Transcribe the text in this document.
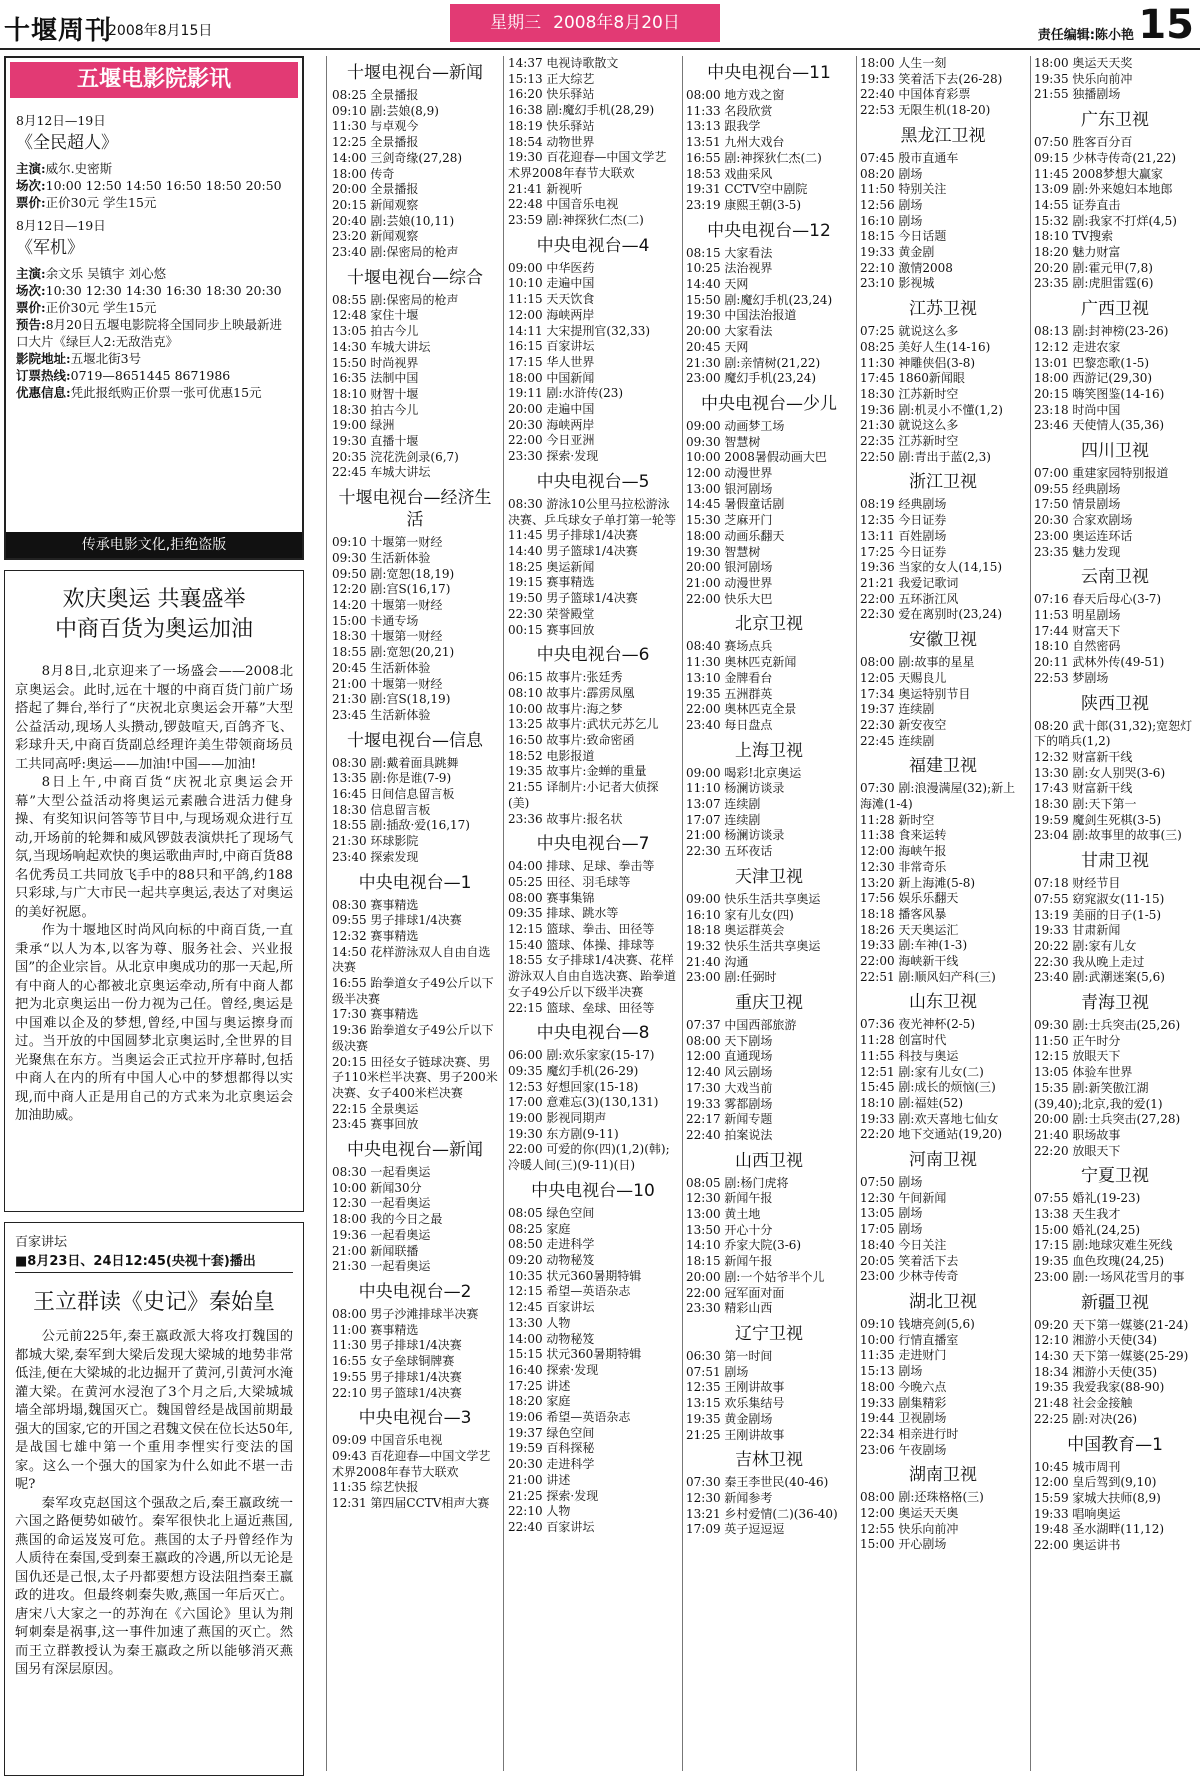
十堰周刊
2008年8月15日	星期三 2008年8月20日
责任编辑:陈小艳 15
五堰电影院影讯
8月12日—19日
《全民超人》
主演:威尔.史密斯
场次:10:00 12:50 14:50 16:50 18:50 20:50
票价:正价30元 学生15元
8月12日—19日
《军机》
主演:余文乐 吴镇宇 刘心悠
场次:10:30 12:30 14:30 16:30 18:30 20:30
票价:正价30元 学生15元
预告:8月20日五堰电影院将全国同步上映最新进口大片《绿巨人2:无敌浩克》
影院地址:五堰北街3号
订票热线:0719—8651445 8671986
优惠信息:凭此报纸购正价票一张可优惠15元
传承电影文化,拒绝盗版
欢庆奥运 共襄盛举
中商百货为奥运加油

8月8日,北京迎来了一场盛会——2008北京奥运会。此时,远在十堰的中商百货门前广场搭起了舞台,举行了“庆祝北京奥运会开幕”大型公益活动,现场人头攒动,锣鼓喧天,百鸽齐飞、彩球升天,中商百货副总经理许美生带领商场员工共同高呼:奥运——加油!中国——加油!

8日上午,中商百货“庆祝北京奥运会开幕”大型公益活动将奥运元素融合进活力健身操、有奖知识问答等节目中,与现场观众进行互动,开场前的轮舞和威风锣鼓表演烘托了现场气氛,当现场响起欢快的奥运歌曲声时,中商百货88名优秀员工共同放飞手中的88只和平鸽,约188只彩球,与广大市民一起共享奥运,表达了对奥运的美好祝愿。

作为十堰地区时尚风向标的中商百货,一直秉承“以人为本,以客为尊、服务社会、兴业报国”的企业宗旨。从北京申奥成功的那一天起,所有中商人的心都被北京奥运牵动,所有中商人都把为北京奥运出一份力视为己任。曾经,奥运是中国难以企及的梦想,曾经,中国与奥运擦身而过。当开放的中国圆梦北京奥运时,全世界的目光聚焦在东方。当奥运会正式拉开序幕时,包括中商人在内的所有中国人心中的梦想都得以实现,而中商人正是用自己的方式来为北京奥运会加油助威。

百家讲坛
■8月23日、24日12:45(央视十套)播出
王立群读《史记》秦始皇

公元前225年,秦王嬴政派大将攻打魏国的都城大梁,秦军到大梁后发现大梁城的地势非常低洼,便在大梁城的北边掘开了黄河,引黄河水淹灌大梁。在黄河水浸泡了3个月之后,大梁城城墙全部坍塌,魏国灭亡。魏国曾经是战国前期最强大的国家,它的开国之君魏文侯在位长达50年,是战国七雄中第一个重用李悝实行变法的国家。这么一个强大的国家为什么如此不堪一击呢?

秦军攻克赵国这个强敌之后,秦王嬴政统一六国之路便势如破竹。秦军很快北上逼近燕国,燕国的命运岌岌可危。燕国的太子丹曾经作为人质待在秦国,受到秦王嬴政的冷遇,所以无论是国仇还是己恨,太子丹都要想方设法阻挡秦王嬴政的进攻。但最终刺秦失败,燕国一年后灭亡。唐宋八大家之一的苏洵在《六国论》里认为荆轲刺秦是祸事,这一事件加速了燕国的灭亡。然而王立群教授认为秦王嬴政之所以能够消灭燕国另有深层原因。

十堰电视台—新闻
08:25 全景播报
09:10 剧:芸娘(8,9)
11:30 与卓观今
12:25 全景播报
14:00 三剑奇缘(27,28)
18:00 传奇
20:00 全景播报
20:15 新闻观察
20:40 剧:芸娘(10,11)
23:20 新闻观察
23:40 剧:保密局的枪声
十堰电视台—综合
08:55 剧:保密局的枪声
12:48 家住十堰
13:05 拍古今儿
14:30 车城大讲坛
15:50 时尚视界
16:35 法制中国
18:10 财智十堰
18:30 拍古今儿
19:00 绿洲
19:30 直播十堰
20:35 浣花洗剑录(6,7)
22:45 车城大讲坛
十堰电视台—经济生活
09:10 十堰第一财经
09:30 生活新体验
09:50 剧:宽恕(18,19)
12:20 剧:宫S(16,17)
14:20 十堰第一财经
15:00 卡通专场
18:30 十堰第一财经
18:55 剧:宽恕(20,21)
20:45 生活新体验
21:00 十堰第一财经
21:30 剧:宫S(18,19)
23:45 生活新体验
十堰电视台—信息
08:30 剧:戴着面具跳舞
13:35 剧:你是谁(7-9)
16:45 日间信息留言板
18:30 信息留言板
18:55 剧:插敌·爱(16,17)
21:30 环球影院
23:40 探索发现
中央电视台—1
08:30 赛事精选
09:55 男子排球1/4决赛
12:32 赛事精选
14:50 花样游泳双人自由自选决赛
16:55 跆拳道女子49公斤以下级半决赛
17:30 赛事精选
19:36 跆拳道女子49公斤以下级决赛
20:15 田径女子链球决赛、男子110米栏半决赛、男子200米决赛、女子400米栏决赛
22:15 全景奥运
23:45 赛事回放
中央电视台—新闻
08:30 一起看奥运
10:00 新闻30分
12:30 一起看奥运
18:00 我的今日之最
19:36 一起看奥运
21:00 新闻联播
21:30 一起看奥运
中央电视台—2
08:00 男子沙滩排球半决赛
11:00 赛事精选
11:30 男子排球1/4决赛
16:55 女子垒球铜牌赛
19:55 男子排球1/4决赛
22:10 男子篮球1/4决赛
中央电视台—3
09:09 中国音乐电视
09:43 百花迎春—中国文学艺术界2008年春节大联欢
11:35 综艺快报
12:31 第四届CCTV相声大赛
14:37 电视诗歌散文
15:13 正大综艺
16:20 快乐驿站
16:38 剧:魔幻手机(28,29)
18:19 快乐驿站
18:54 动物世界
19:30 百花迎春—中国文学艺术界2008年春节大联欢
21:41 新视听
22:48 中国音乐电视
23:59 剧:神探狄仁杰(二)
中央电视台—4
09:00 中华医药
10:10 走遍中国
11:15 天天饮食
12:00 海峡两岸
14:11 大宋提刑官(32,33)
16:15 百家讲坛
17:15 华人世界
18:00 中国新闻
19:11 剧:水浒传(23)
20:00 走遍中国
20:30 海峡两岸
22:00 今日亚洲
23:30 探索·发现
中央电视台—5
08:30 游泳10公里马拉松游泳决赛、乒乓球女子单打第一轮等
11:45 男子排球1/4决赛
14:40 男子篮球1/4决赛
18:25 奥运新闻
19:15 赛事精选
19:50 男子篮球1/4决赛
22:30 荣誉殿堂
00:15 赛事回放
中央电视台—6
06:15 故事片:张廷秀
08:10 故事片:霹雳凤凰
10:00 故事片:海之梦
13:25 故事片:武状元苏乞儿
16:50 故事片:致命密函
18:52 电影报道
19:35 故事片:金蝉的重量
21:55 译制片:小记者大侦探(美)
23:36 故事片:报名状
中央电视台—7
04:00 排球、足球、拳击等
05:25 田径、羽毛球等
08:00 赛事集锦
09:35 排球、跳水等
12:15 篮球、拳击、田径等
15:40 篮球、体操、排球等
18:55 女子排球1/4决赛、花样游泳双人自由自选决赛、跆拳道女子49公斤以下级半决赛
22:15 篮球、垒球、田径等
中央电视台—8
06:00 剧:欢乐家家(15-17)
09:35 魔幻手机(26-29)
12:53 好想回家(15-18)
17:00 意难忘(3)(130,131)
19:00 影视同期声
19:30 东方剧(9-11)
22:00 可爱的你(四)(1,2)(韩);冷暖人间(三)(9-11)(日)
中央电视台—10
08:05 绿色空间
08:25 家庭
08:50 走进科学
09:20 动物秘笈
10:35 状元360暑期特辑
12:15 希望—英语杂志
12:45 百家讲坛
13:30 人物
14:00 动物秘笈
15:15 状元360暑期特辑
16:40 探索·发现
17:25 讲述
18:20 家庭
19:06 希望—英语杂志
19:37 绿色空间
19:59 百科探秘
20:30 走进科学
21:00 讲述
21:25 探索·发现
22:10 人物
22:40 百家讲坛
中央电视台—11
08:00 地方戏之窗
11:33 名段欣赏
13:13 跟我学
13:51 九州大戏台
16:55 剧:神探狄仁杰(二)
18:53 戏曲采风
19:31 CCTV空中剧院
23:19 康熙王朝(3-5)
中央电视台—12
08:15 大家看法
10:25 法治视界
14:40 天网
15:50 剧:魔幻手机(23,24)
19:30 中国法治报道
20:00 大家看法
20:45 天网
21:30 剧:亲情树(21,22)
23:00 魔幻手机(23,24)
中央电视台—少儿
09:00 动画梦工场
09:30 智慧树
10:00 2008暑假动画大巴
12:00 动漫世界
13:00 银河剧场
14:45 暑假童话剧
15:30 芝麻开门
18:00 动画乐翻天
19:30 智慧树
20:00 银河剧场
21:00 动漫世界
22:00 快乐大巴
北京卫视
08:40 赛场点兵
11:30 奥林匹克新闻
13:10 金牌看台
19:35 五洲群英
22:00 奥林匹克全景
23:40 每日盘点
上海卫视
09:00 喝彩!北京奥运
11:10 杨澜访谈录
13:07 连续剧
17:07 连续剧
21:00 杨澜访谈录
22:30 五环夜话
天津卫视
09:00 快乐生活共享奥运
16:10 家有儿女(四)
18:18 奥运群英会
19:32 快乐生活共享奥运
21:40 沟通
23:00 剧:任弼时
重庆卫视
07:37 中国西部旅游
08:00 天下剧场
12:00 直通现场
12:40 风云剧场
17:30 大戏当前
19:33 雾都剧场
22:17 新闻专题
22:40 拍案说法
山西卫视
08:05 剧:杨门虎将
12:30 新闻午报
13:00 黄土地
13:50 开心十分
14:10 乔家大院(3-6)
18:15 新闻午报
20:00 剧:一个姑爷半个儿
22:00 冠军面对面
23:30 精彩山西
辽宁卫视
06:30 第一时间
07:51 剧场
12:35 王刚讲故事
13:15 欢乐集结号
19:35 黄金剧场
21:25 王刚讲故事
吉林卫视
07:30 秦王李世民(40-46)
12:30 新闻参考
13:21 乡村爱情(二)(36-40)
17:09 英子逗逗逗
18:00 人生一刻
19:33 笑着活下去(26-28)
22:40 中国体育彩票
22:53 无限生机(18-20)
黑龙江卫视
07:45 殷市直通车
08:20 剧场
11:50 特别关注
12:56 剧场
16:10 剧场
18:15 今日话题
19:33 黄金剧
22:10 激情2008
23:10 影视城
江苏卫视
07:25 就说这么多
08:25 美好人生(14-16)
11:30 神雕侠侣(3-8)
17:45 1860新闻眼
18:30 江苏新时空
19:36 剧:机灵小不懂(1,2)
21:30 就说这么多
22:35 江苏新时空
22:50 剧:青出于蓝(2,3)
浙江卫视
08:19 经典剧场
12:35 今日证券
13:11 百姓剧场
17:25 今日证券
19:36 当家的女人(14,15)
21:21 我爱记歌词
22:00 五环浙江风
22:30 爱在离别时(23,24)
安徽卫视
08:00 剧:故事的星星
12:05 天赐良儿
17:34 奥运特别节目
19:37 连续剧
22:30 新安夜空
22:45 连续剧
福建卫视
07:30 剧:浪漫满屋(32);新上海滩(1-4)
11:28 新时空
11:38 食来运转
12:00 海峡午报
12:30 非常奇乐
13:20 新上海滩(5-8)
17:56 娱乐乐翻天
18:18 播客风暴
18:26 天天奥运汇
19:33 剧:车神(1-3)
22:00 海峡新干线
22:51 剧:顺风妇产科(三)
山东卫视
07:36 夜光神杯(2-5)
11:28 创富时代
11:55 科技与奥运
12:51 剧:家有儿女(二)
15:45 剧:成长的烦恼(三)
18:10 剧:福娃(52)
19:33 剧:欢天喜地七仙女
22:20 地下交通站(19,20)
河南卫视
07:50 剧场
12:30 午间新闻
13:05 剧场
17:05 剧场
18:40 今日关注
20:05 笑着活下去
23:00 少林寺传奇
湖北卫视
09:10 钱塘亮剑(5,6)
10:00 行情直播室
11:35 走进财门
15:13 剧场
18:00 今晚六点
19:33 剧集精彩
19:44 卫视剧场
22:34 相亲进行时
23:06 午夜剧场
湖南卫视
08:00 剧:还珠格格(三)
12:00 奥运天天奥
12:55 快乐向前冲
15:00 开心剧场
18:00 奥运天天奖
19:35 快乐向前冲
21:55 独播剧场
广东卫视
07:50 胜客百分百
09:15 少林寺传奇(21,22)
11:45 2008梦想大赢家
13:09 剧:外来媳妇本地郎
14:55 证券直击
15:32 剧:我家不打烊(4,5)
18:10 TV搜索
18:20 魅力财富
20:20 剧:霍元甲(7,8)
23:35 剧:虎胆雷霆(6)
广西卫视
08:13 剧:封神榜(23-26)
12:12 走进农家
13:01 巴黎恋歌(1-5)
18:00 西游记(29,30)
20:15 嗨笑图鉴(14-16)
23:18 时尚中国
23:46 天使情人(35,36)
四川卫视
07:00 重建家园特别报道
09:55 经典剧场
17:50 情景剧场
20:30 合家欢剧场
23:00 奥运连环话
23:35 魅力发现
云南卫视
07:16 春天后母心(3-7)
11:53 明星剧场
17:44 财富天下
18:10 自然密码
20:11 武林外传(49-51)
22:53 梦剧场
陕西卫视
08:20 武十郎(31,32);宽恕灯下的哨兵(1,2)
12:32 财富新干线
13:30 剧:女人别哭(3-6)
17:43 财富新干线
18:30 剧:天下第一
19:59 魔剑生死棋(3-5)
23:04 剧:故事里的故事(三)
甘肃卫视
07:18 财经节目
07:55 窈窕淑女(11-15)
13:19 美丽的日子(1-5)
19:33 甘肃新闻
20:22 剧:家有儿女
22:30 我从晚上走过
23:40 剧:武潮迷案(5,6)
青海卫视
09:30 剧:士兵突击(25,26)
11:50 正午时分
12:15 放眼天下
13:05 体验车世界
15:35 剧:新笑傲江湖(39,40);北京,我的爱(1)
20:00 剧:士兵突击(27,28)
21:40 职场故事
22:20 放眼天下
宁夏卫视
07:55 婚礼(19-23)
13:38 天生我才
15:00 婚礼(24,25)
17:15 剧:地球灾难生死线
19:35 血色玫瑰(24,25)
23:00 剧:一场风花雪月的事
新疆卫视
09:20 天下第一媒婆(21-24)
12:10 湘游小天使(34)
14:30 天下第一媒婆(25-29)
18:34 湘游小天使(35)
19:35 我爱我家(88-90)
21:48 社会金接触
22:25 剧:对决(26)
中国教育—1
10:45 城市周刊
12:00 皇后驾到(9,10)
15:59 家城大扶师(8,9)
19:33 唱响奥运
19:48 圣水湖畔(11,12)
22:00 奥运讲书
